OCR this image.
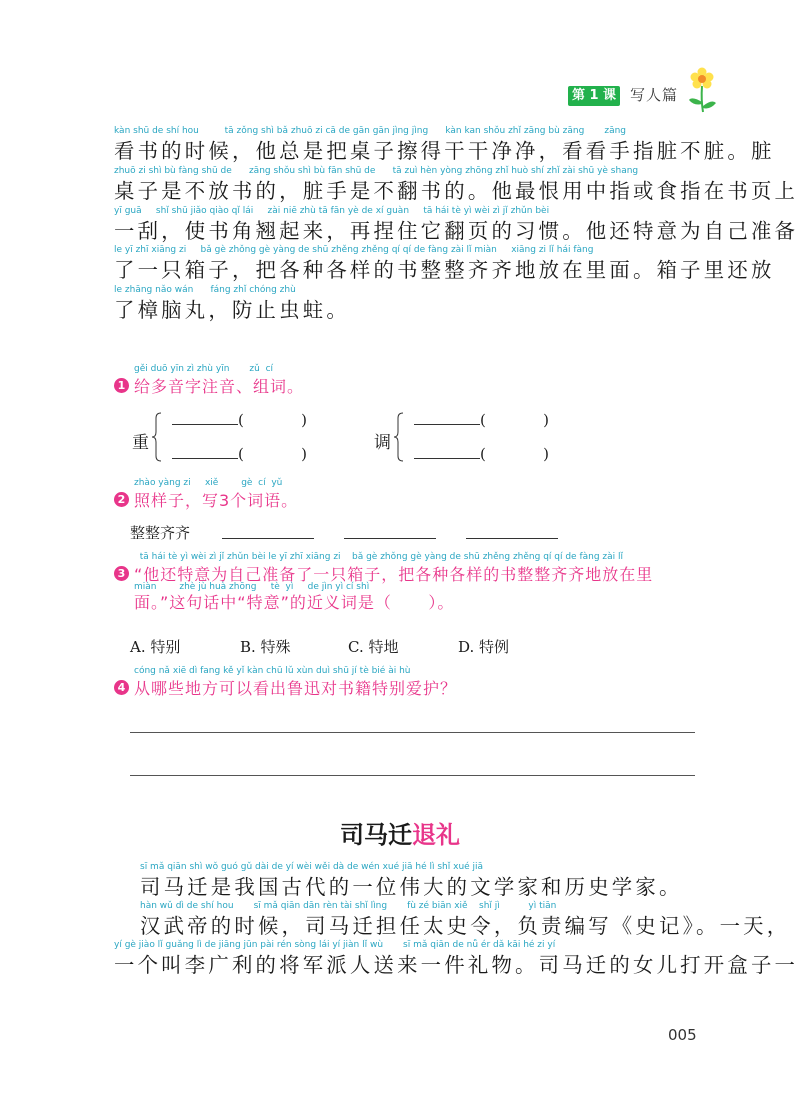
第 1 课 写人篇
kàn shū de shí hou         tā zǒng shì bǎ zhuō zi cā de gān gān jìng jìng      kàn kan shǒu zhǐ zāng bù zāng       zāng
看书的时候，他总是把桌子擦得干干净净，看看手指脏不脏。脏
zhuō zi shì bù fàng shū de      zāng shǒu shì bù fān shū de      tā zuì hèn yòng zhōng zhǐ huò shí zhǐ zài shū yè shang
桌子是不放书的，脏手是不翻书的。他最恨用中指或食指在书页上
yī guā     shǐ shū jiǎo qiào qǐ lái     zài niē zhù tā fān yè de xí guàn     tā hái tè yì wèi zì jǐ zhǔn bèi
一刮，使书角翘起来，再捏住它翻页的习惯。他还特意为自己准备
le yī zhī xiāng zi     bǎ gè zhǒng gè yàng de shū zhěng zhěng qí qí de fàng zài lǐ miàn     xiāng zi lǐ hái fàng
了一只箱子，把各种各样的书整整齐齐地放在里面。箱子里还放
le zhāng nǎo wán      fáng zhǐ chóng zhù
了樟脑丸，防止虫蛀。
gěi duō yīn zì zhù yīn       zǔ  cí
1 给多音字注音、组词。
重
(            )
(            )
调
(            )
(            )
zhào yàng zi     xiě        gè  cí  yǔ
2 照样子，写3个词语。
整整齐齐
tā hái tè yì wèi zì jǐ zhǔn bèi le yī zhī xiāng zi    bǎ gè zhǒng gè yàng de shū zhěng zhěng qí qí de fàng zài lǐ
3 “他还特意为自己准备了一只箱子，把各种各样的书整整齐齐地放在里
miàn        zhè jù huà zhōng     tè  yì     de jìn yì cí shì
面。”这句话中“特意”的近义词是（      ）。
A. 特别	B. 特殊	C. 特地	D. 特例
cóng nǎ xiē dì fang kě yǐ kàn chū lǔ xùn duì shū jí tè bié ài hù
4 从哪些地方可以看出鲁迅对书籍特别爱护？
司马迁退礼
sī mǎ qiān shì wǒ guó gǔ dài de yí wèi wěi dà de wén xué jiā hé lì shǐ xué jiā
司马迁是我国古代的一位伟大的文学家和历史学家。
hàn wǔ dì de shí hou       sī mǎ qiān dān rèn tài shǐ lìng       fù zé biān xiě    shǐ jì          yì tiān
汉武帝的时候，司马迁担任太史令，负责编写《史记》。一天，
yí gè jiào lǐ guǎng lì de jiāng jūn pài rén sòng lái yí jiàn lǐ wù       sī mǎ qiān de nǚ ér dǎ kāi hé zi yí
一个叫李广利的将军派人送来一件礼物。司马迁的女儿打开盒子一
005
